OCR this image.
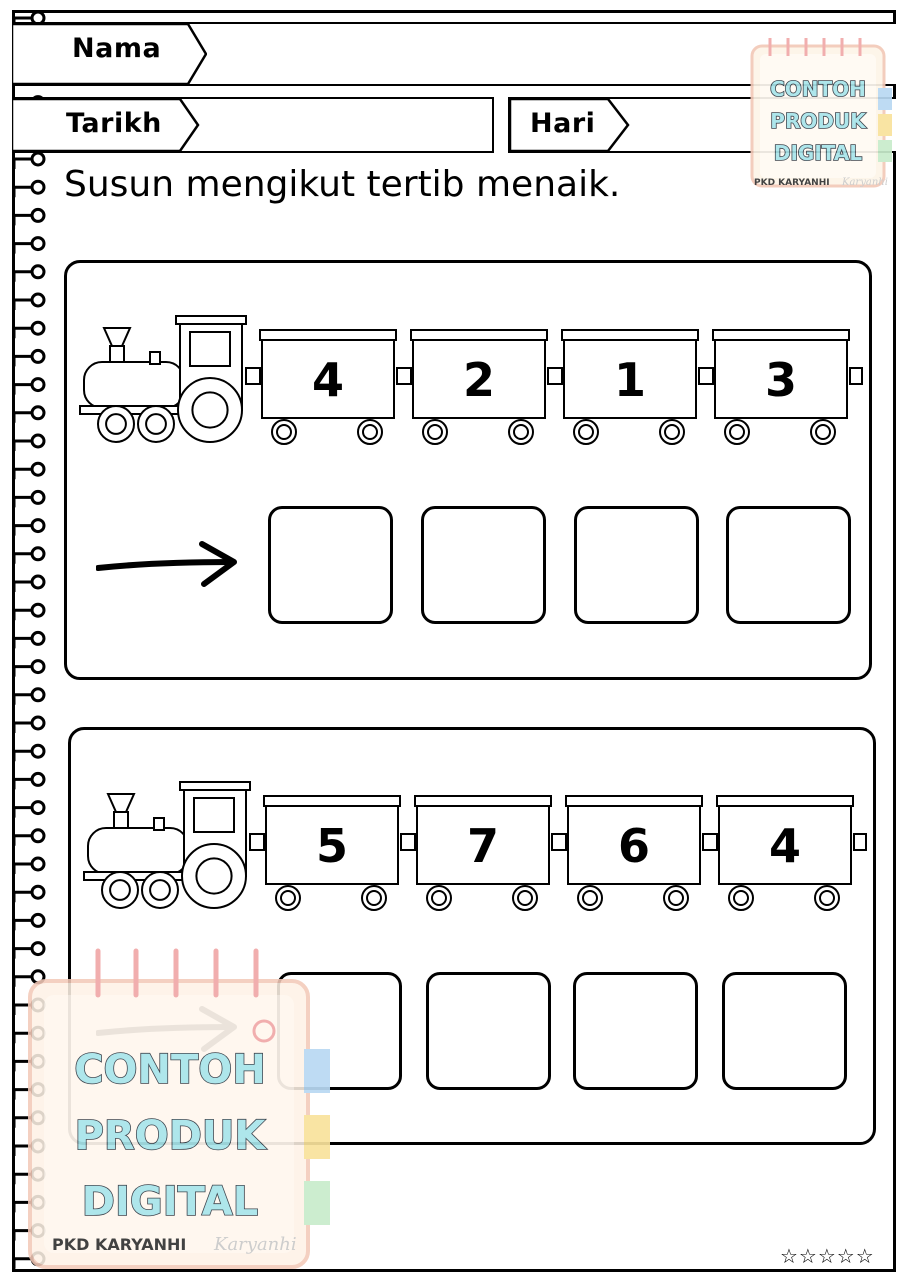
Nama
Tarikh	Hari
Susun mengikut tertib menaik.
4	2	1	3
5	7	6	4
CONTOH
PRODUK
DIGITAL
PKD KARYANHI Karyanhi
CONTOH
PRODUK
DIGITAL
PKD KARYANHI Karyanhi	☆☆☆☆☆
